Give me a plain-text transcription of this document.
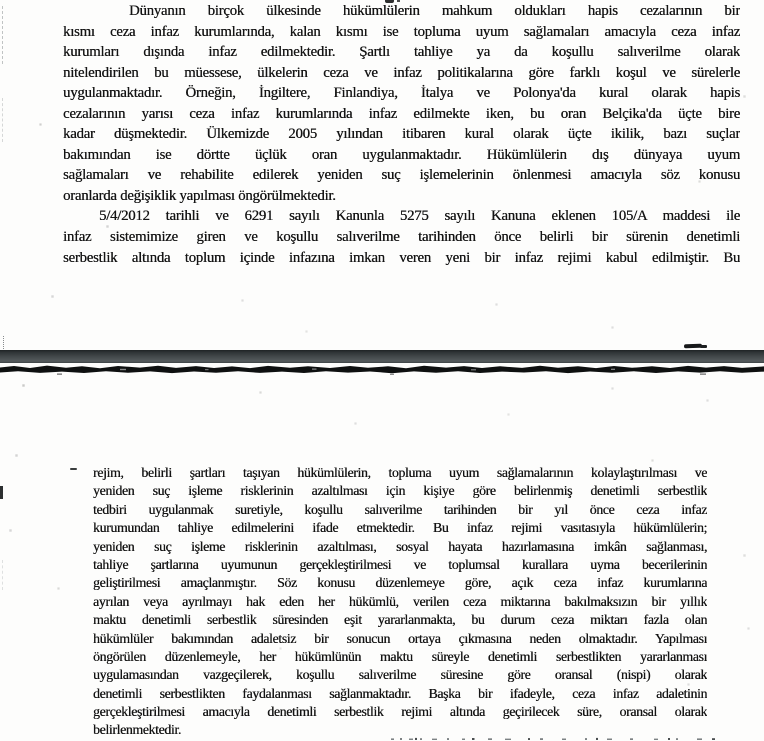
Dünyanın birçok ülkesinde hükümlülerin mahkum oldukları hapis cezalarının bir
kısmı ceza infaz kurumlarında, kalan kısmı ise topluma uyum sağlamaları amacıyla ceza infaz
kurumları dışında infaz edilmektedir. Şartlı tahliye ya da koşullu salıverilme olarak
nitelendirilen bu müessese, ülkelerin ceza ve infaz politikalarına göre farklı koşul ve sürelerle
uygulanmaktadır. Örneğin, İngiltere, Finlandiya, İtalya ve Polonya'da kural olarak hapis
cezalarının yarısı ceza infaz kurumlarında infaz edilmekte iken, bu oran Belçika'da üçte bire
kadar düşmektedir. Ülkemizde 2005 yılından itibaren kural olarak üçte ikilik, bazı suçlar
bakımından ise dörtte üçlük oran uygulanmaktadır. Hükümlülerin dış dünyaya uyum
sağlamaları ve rehabilite edilerek yeniden suç işlemelerinin önlenmesi amacıyla söz konusu
oranlarda değişiklik yapılması öngörülmektedir.
5/4/2012 tarihli ve 6291 sayılı Kanunla 5275 sayılı Kanuna eklenen 105/A maddesi ile
infaz sistemimize giren ve koşullu salıverilme tarihinden önce belirli bir sürenin denetimli
serbestlik altında toplum içinde infazına imkan veren yeni bir infaz rejimi kabul edilmiştir. Bu
rejim, belirli şartları taşıyan hükümlülerin, topluma uyum sağlamalarının kolaylaştırılması ve
yeniden suç işleme risklerinin azaltılması için kişiye göre belirlenmiş denetimli serbestlik
tedbiri uygulanmak suretiyle, koşullu salıverilme tarihinden bir yıl önce ceza infaz
kurumundan tahliye edilmelerini ifade etmektedir. Bu infaz rejimi vasıtasıyla hükümlülerin;
yeniden suç işleme risklerinin azaltılması, sosyal hayata hazırlamasına imkân sağlanması,
tahliye şartlarına uyumunun gerçekleştirilmesi ve toplumsal kurallara uyma becerilerinin
geliştirilmesi amaçlanmıştır. Söz konusu düzenlemeye göre, açık ceza infaz kurumlarına
ayrılan veya ayrılmayı hak eden her hükümlü, verilen ceza miktarına bakılmaksızın bir yıllık
maktu denetimli serbestlik süresinden eşit yararlanmakta, bu durum ceza miktarı fazla olan
hükümlüler bakımından adaletsiz bir sonucun ortaya çıkmasına neden olmaktadır. Yapılması
öngörülen düzenlemeyle, her hükümlünün maktu süreyle denetimli serbestlikten yararlanması
uygulamasından vazgeçilerek, koşullu salıverilme süresine göre oransal (nispi) olarak
denetimli serbestlikten faydalanması sağlanmaktadır. Başka bir ifadeyle, ceza infaz adaletinin
gerçekleştirilmesi amacıyla denetimli serbestlik rejimi altında geçirilecek süre, oransal olarak
belirlenmektedir.
